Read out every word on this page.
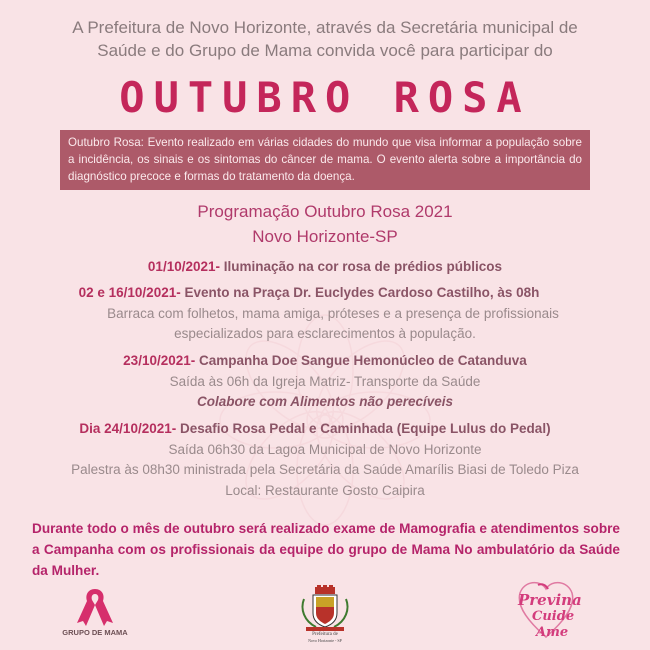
A Prefeitura de Novo Horizonte, através da Secretária municipal de
Saúde e do Grupo de Mama convida você para participar do
OUTUBRO ROSA
Outubro Rosa: Evento realizado em várias cidades do mundo que visa informar a população sobre a incidência, os sinais e os sintomas do câncer de mama. O evento alerta sobre a importância do diagnóstico precoce e formas do tratamento da doença.
Programação Outubro Rosa 2021
Novo Horizonte-SP
01/10/2021- Iluminação na cor rosa de prédios públicos
02 e 16/10/2021- Evento na Praça Dr. Euclydes Cardoso Castilho, às 08h
Barraca com folhetos, mama amiga, próteses e a presença de profissionais
especializados para esclarecimentos à população.
23/10/2021- Campanha Doe Sangue Hemonúcleo de Catanduva
Saída às 06h da Igreja Matriz- Transporte da Saúde
Colabore com Alimentos não perecíveis
Dia 24/10/2021- Desafio Rosa Pedal e Caminhada (Equipe Lulus do Pedal)
Saída 06h30 da Lagoa Municipal de Novo Horizonte
Palestra às 08h30 ministrada pela Secretária da Saúde Amarílis Biasi de Toledo Piza
Local: Restaurante Gosto Caipira
Durante todo o mês de outubro será realizado exame de Mamografia e atendimentos sobre a Campanha com os profissionais da equipe do grupo de Mama No ambulatório da Saúde da Mulher.
GRUPO DE MAMA	Prefeitura de
Novo Horizonte - SP
Previna
Cuide
Ame
